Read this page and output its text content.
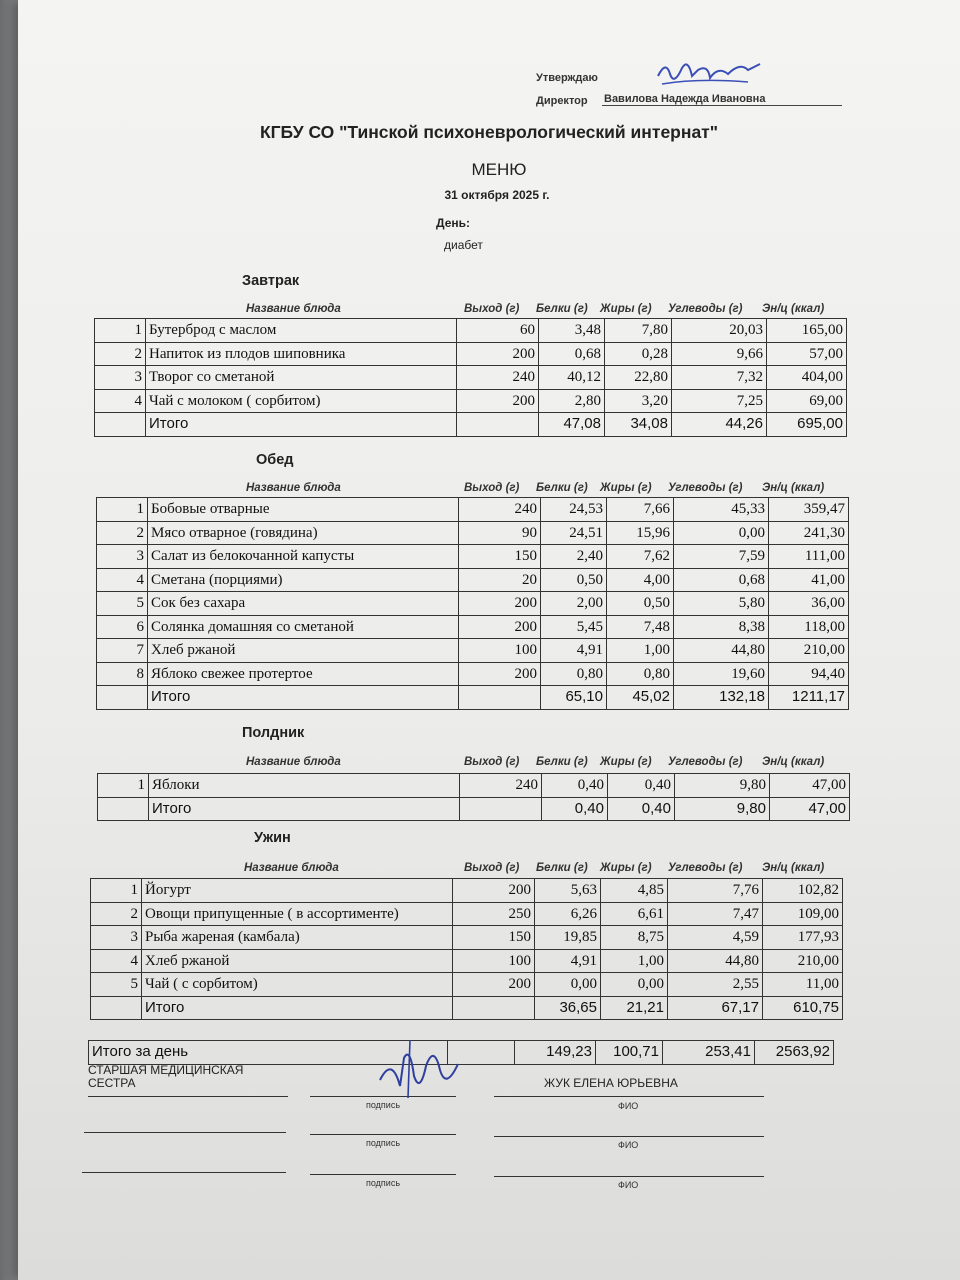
Утверждаю
Директор Вавилова Надежда Ивановна
КГБУ СО "Тинской психоневрологический интернат"
МЕНЮ
31 октября 2025 г.
День:
диабет
Завтрак
Название блюда	Выход (г) Белки (г) Жиры (г) Углеводы (г) Эн/ц (ккал)
1	Бутерброд с маслом	60	3,48	7,80	20,03	165,00
2	Напиток из плодов шиповника	200	0,68	0,28	9,66	57,00
3	Творог со сметаной	240	40,12	22,80	7,32	404,00
4	Чай с молоком ( сорбитом)	200	2,80	3,20	7,25	69,00
	Итого		47,08	34,08	44,26	695,00
Обед
Название блюда	Выход (г) Белки (г) Жиры (г) Углеводы (г) Эн/ц (ккал)
1	Бобовые отварные	240	24,53	7,66	45,33	359,47
2	Мясо отварное (говядина)	90	24,51	15,96	0,00	241,30
3	Салат из белокочанной капусты	150	2,40	7,62	7,59	111,00
4	Сметана (порциями)	20	0,50	4,00	0,68	41,00
5	Сок без сахара	200	2,00	0,50	5,80	36,00
6	Солянка домашняя со сметаной	200	5,45	7,48	8,38	118,00
7	Хлеб ржаной	100	4,91	1,00	44,80	210,00
8	Яблоко свежее протертое	200	0,80	0,80	19,60	94,40
	Итого		65,10	45,02	132,18	1211,17
Полдник
Название блюда	Выход (г) Белки (г) Жиры (г) Углеводы (г) Эн/ц (ккал)
1	Яблоки	240	0,40	0,40	9,80	47,00
	Итого		0,40	0,40	9,80	47,00
Ужин
Название блюда	Выход (г) Белки (г) Жиры (г) Углеводы (г) Эн/ц (ккал)
1	Йогурт	200	5,63	4,85	7,76	102,82
2	Овощи припущенные ( в ассортименте)	250	6,26	6,61	7,47	109,00
3	Рыба жареная (камбала)	150	19,85	8,75	4,59	177,93
4	Хлеб ржаной	100	4,91	1,00	44,80	210,00
5	Чай ( с сорбитом)	200	0,00	0,00	2,55	11,00
	Итого		36,65	21,21	67,17	610,75
Итого за день		149,23	100,71	253,41	2563,92
СТАРШАЯ МЕДИЦИНСКАЯ СЕСТРА	ЖУК ЕЛЕНА ЮРЬЕВНА
подпись	ФИО
подпись	ФИО
подпись	ФИО
